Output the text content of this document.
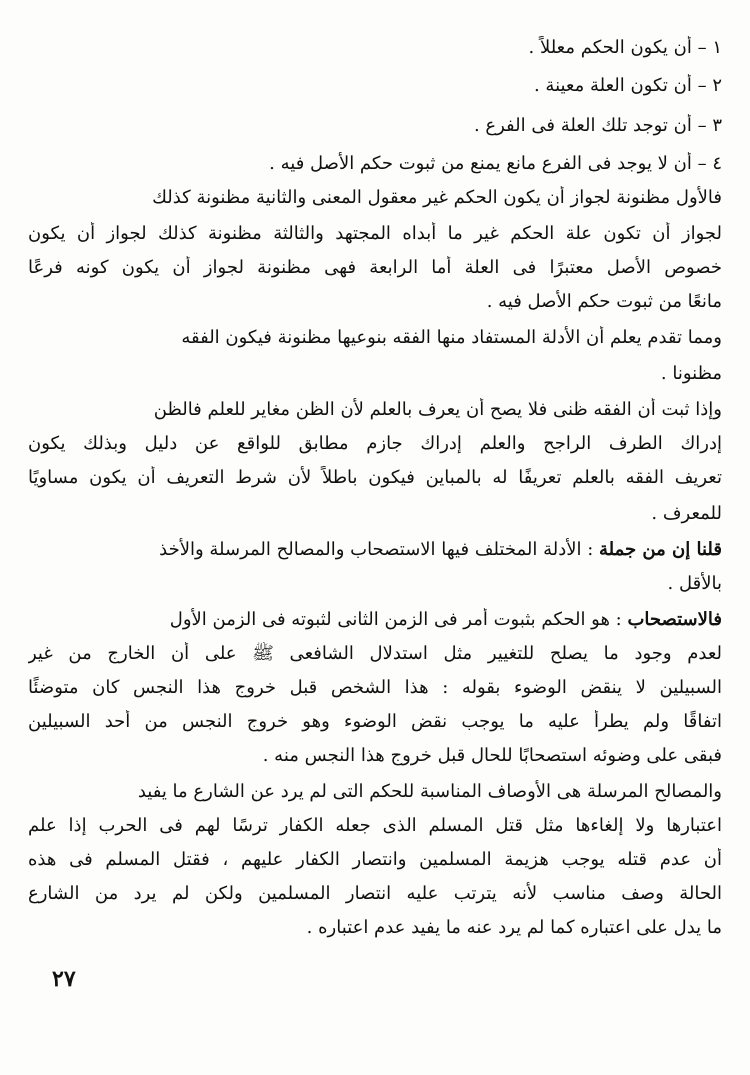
١ – أن يكون الحكم معللاً .
٢ – أن تكون العلة معينة .
٣ – أن توجد تلك العلة فى الفرع .
٤ – أن لا يوجد فى الفرع مانع يمنع من ثبوت حكم الأصل فيه .
فالأول مظنونة لجواز أن يكون الحكم غير معقول المعنى والثانية مظنونة كذلك
لجواز أن تكون علة الحكم غير ما أبداه المجتهد والثالثة مظنونة كذلك لجواز أن يكون
خصوص الأصل معتبرًا فى العلة أما الرابعة فهى مظنونة لجواز أن يكون كونه فرعًا
مانعًا من ثبوت حكم الأصل فيه .
ومما تقدم يعلم أن الأدلة المستفاد منها الفقه بنوعيها مظنونة فيكون الفقه
مظنونا .
وإذا ثبت أن الفقه ظنى فلا يصح أن يعرف بالعلم لأن الظن مغاير للعلم فالظن
إدراك الطرف الراجح والعلم إدراك جازم مطابق للواقع عن دليل وبذلك يكون
تعريف الفقه بالعلم تعريفًا له بالمباين فيكون باطلاً لأن شرط التعريف أن يكون مساويًا
للمعرف .
قلنا إن من جملة : الأدلة المختلف فيها الاستصحاب والمصالح المرسلة والأخذ
بالأقل .
فالاستصحاب : هو الحكم بثبوت أمر فى الزمن الثانى لثبوته فى الزمن الأول
لعدم وجود ما يصلح للتغيير مثل استدلال الشافعى ﷺ على أن الخارج من غير
السبيلين لا ينقض الوضوء بقوله : هذا الشخص قبل خروج هذا النجس كان متوضئًا
اتفاقًا ولم يطرأ عليه ما يوجب نقض الوضوء وهو خروج النجس من أحد السبيلين
فبقى على وضوئه استصحابًا للحال قبل خروج هذا النجس منه .
والمصالح المرسلة هى الأوصاف المناسبة للحكم التى لم يرد عن الشارع ما يفيد
اعتبارها ولا إلغاءها مثل قتل المسلم الذى جعله الكفار ترسًا لهم فى الحرب إذا علم
أن عدم قتله يوجب هزيمة المسلمين وانتصار الكفار عليهم ، فقتل المسلم فى هذه
الحالة وصف مناسب لأنه يترتب عليه انتصار المسلمين ولكن لم يرد من الشارع
ما يدل على اعتباره كما لم يرد عنه ما يفيد عدم اعتباره .
٢٧
